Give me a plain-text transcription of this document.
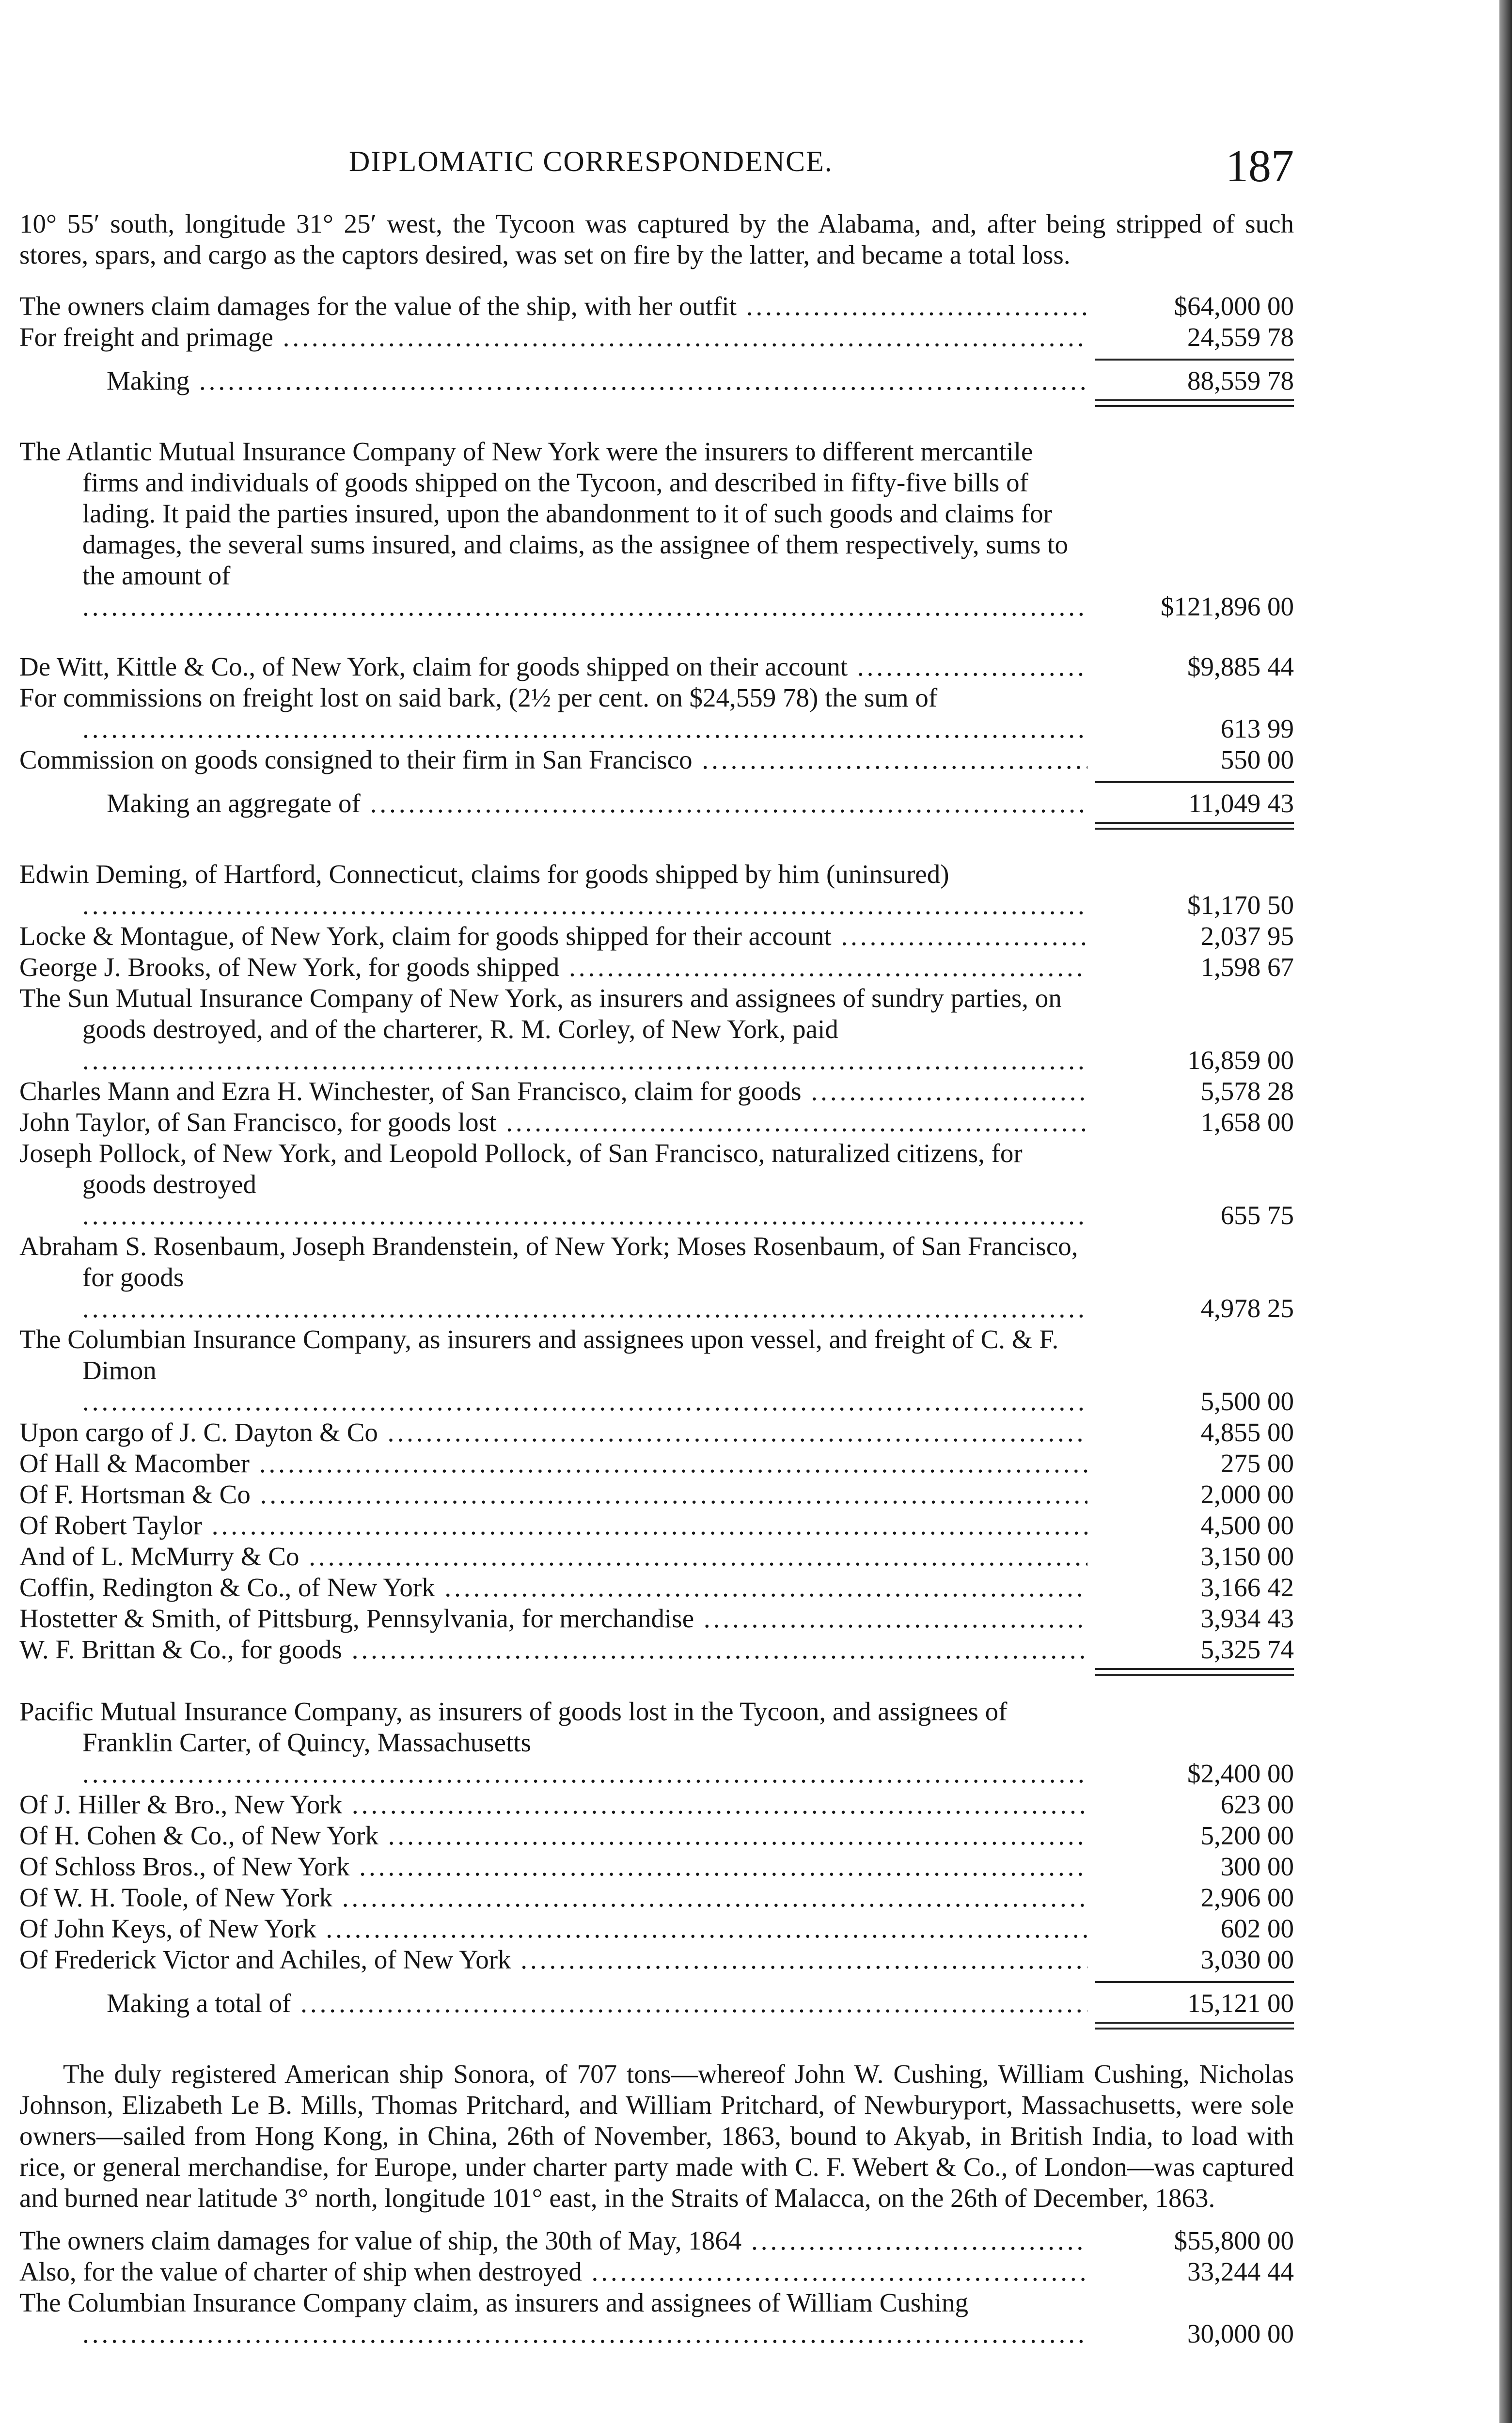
DIPLOMATIC CORRESPONDENCE.	187

10° 55′ south, longitude 31° 25′ west, the Tycoon was captured by the Alabama, and, after being stripped of such stores, spars, and cargo as the captors desired, was set on fire by the latter, and became a total loss.

The owners claim damages for the value of the ship, with her outfit .....	$64,000 00
For freight and primage .....	24,559 78
Making .....	88,559 78
The Atlantic Mutual Insurance Company of New York were the insurers to different mercantile firms and individuals of goods shipped on the Tycoon, and described in fifty-five bills of lading. It paid the parties insured, upon the abandonment to it of such goods and claims for damages, the several sums insured, and claims, as the assignee of them respectively, sums to the amount of .....
$121,896 00
De Witt, Kittle & Co., of New York, claim for goods shipped on their account .....	$9,885 44
For commissions on freight lost on said bark, (2½ per cent. on $24,559 78) the sum of .....
613 99
Commission on goods consigned to their firm in San Francisco .....	550 00
Making an aggregate of .....	11,049 43
Edwin Deming, of Hartford, Connecticut, claims for goods shipped by him (uninsured) .....
$1,170 50
Locke & Montague, of New York, claim for goods shipped for their account .....	2,037 95
George J. Brooks, of New York, for goods shipped .....	1,598 67
The Sun Mutual Insurance Company of New York, as insurers and assignees of sundry parties, on goods destroyed, and of the charterer, R. M. Corley, of New York, paid .....
16,859 00
Charles Mann and Ezra H. Winchester, of San Francisco, claim for goods .....	5,578 28
John Taylor, of San Francisco, for goods lost .....	1,658 00
Joseph Pollock, of New York, and Leopold Pollock, of San Francisco, naturalized citizens, for goods destroyed .....
655 75
Abraham S. Rosenbaum, Joseph Brandenstein, of New York; Moses Rosenbaum, of San Francisco, for goods .....
4,978 25
The Columbian Insurance Company, as insurers and assignees upon vessel, and freight of C. & F. Dimon .....
5,500 00
Upon cargo of J. C. Dayton & Co .....	4,855 00
Of Hall & Macomber .....	275 00
Of F. Hortsman & Co .....	2,000 00
Of Robert Taylor .....	4,500 00
And of L. McMurry & Co .....	3,150 00
Coffin, Redington & Co., of New York .....	3,166 42
Hostetter & Smith, of Pittsburg, Pennsylvania, for merchandise .....	3,934 43
W. F. Brittan & Co., for goods .....	5,325 74
Pacific Mutual Insurance Company, as insurers of goods lost in the Tycoon, and assignees of Franklin Carter, of Quincy, Massachusetts .....
$2,400 00
Of J. Hiller & Bro., New York .....	623 00
Of H. Cohen & Co., of New York .....	5,200 00
Of Schloss Bros., of New York .....	300 00
Of W. H. Toole, of New York .....	2,906 00
Of John Keys, of New York .....	602 00
Of Frederick Victor and Achiles, of New York .....	3,030 00
Making a total of .....	15,121 00

The duly registered American ship Sonora, of 707 tons—whereof John W. Cushing, William Cushing, Nicholas Johnson, Elizabeth Le B. Mills, Thomas Pritchard, and William Pritchard, of Newburyport, Massachusetts, were sole owners—sailed from Hong Kong, in China, 26th of November, 1863, bound to Akyab, in British India, to load with rice, or general merchandise, for Europe, under charter party made with C. F. Webert & Co., of London—was captured and burned near latitude 3° north, longitude 101° east, in the Straits of Malacca, on the 26th of December, 1863.

The owners claim damages for value of ship, the 30th of May, 1864 .....	$55,800 00
Also, for the value of charter of ship when destroyed .....	33,244 44
The Columbian Insurance Company claim, as insurers and assignees of William Cushing .....
30,000 00
